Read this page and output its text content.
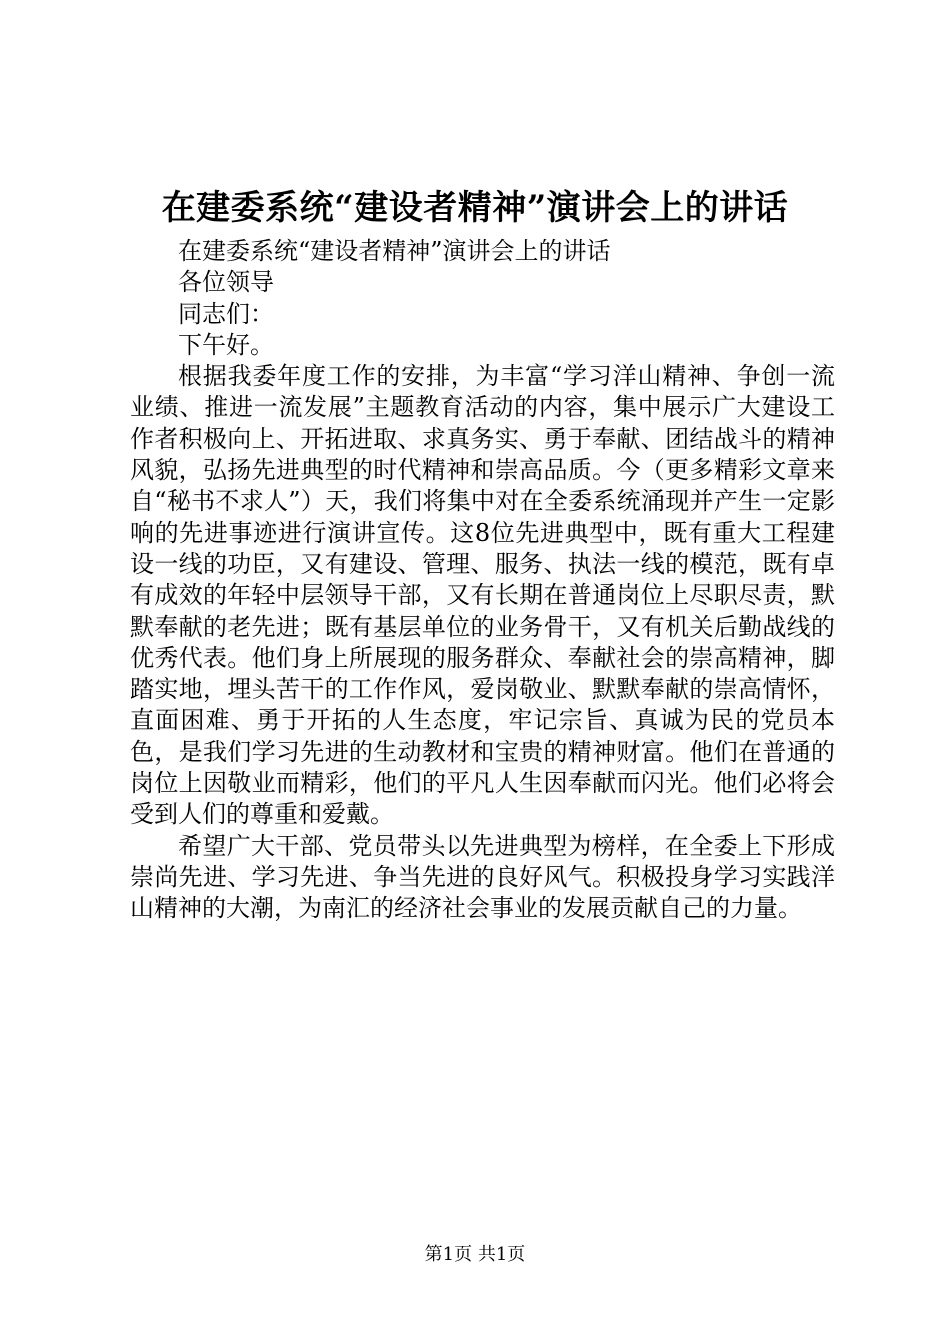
在建委系统“建设者精神”演讲会上的讲话

在建委系统“建设者精神”演讲会上的讲话

各位领导

同志们：

下午好。

根据我委年度工作的安排，为丰富“学习洋山精神、争创一流业绩、推进一流发展”主题教育活动的内容，集中展示广大建设工作者积极向上、开拓进取、求真务实、勇于奉献、团结战斗的精神风貌，弘扬先进典型的时代精神和崇高品质。今（更多精彩文章来自“秘书不求人”）天，我们将集中对在全委系统涌现并产生一定影响的先进事迹进行演讲宣传。这8位先进典型中，既有重大工程建设一线的功臣，又有建设、管理、服务、执法一线的模范，既有卓有成效的年轻中层领导干部，又有长期在普通岗位上尽职尽责，默默奉献的老先进；既有基层单位的业务骨干，又有机关后勤战线的优秀代表。他们身上所展现的服务群众、奉献社会的崇高精神，脚踏实地，埋头苦干的工作作风，爱岗敬业、默默奉献的崇高情怀，直面困难、勇于开拓的人生态度，牢记宗旨、真诚为民的党员本色，是我们学习先进的生动教材和宝贵的精神财富。他们在普通的岗位上因敬业而精彩，他们的平凡人生因奉献而闪光。他们必将会受到人们的尊重和爱戴。

希望广大干部、党员带头以先进典型为榜样，在全委上下形成崇尚先进、学习先进、争当先进的良好风气。积极投身学习实践洋山精神的大潮，为南汇的经济社会事业的发展贡献自己的力量。

第1页 共1页
